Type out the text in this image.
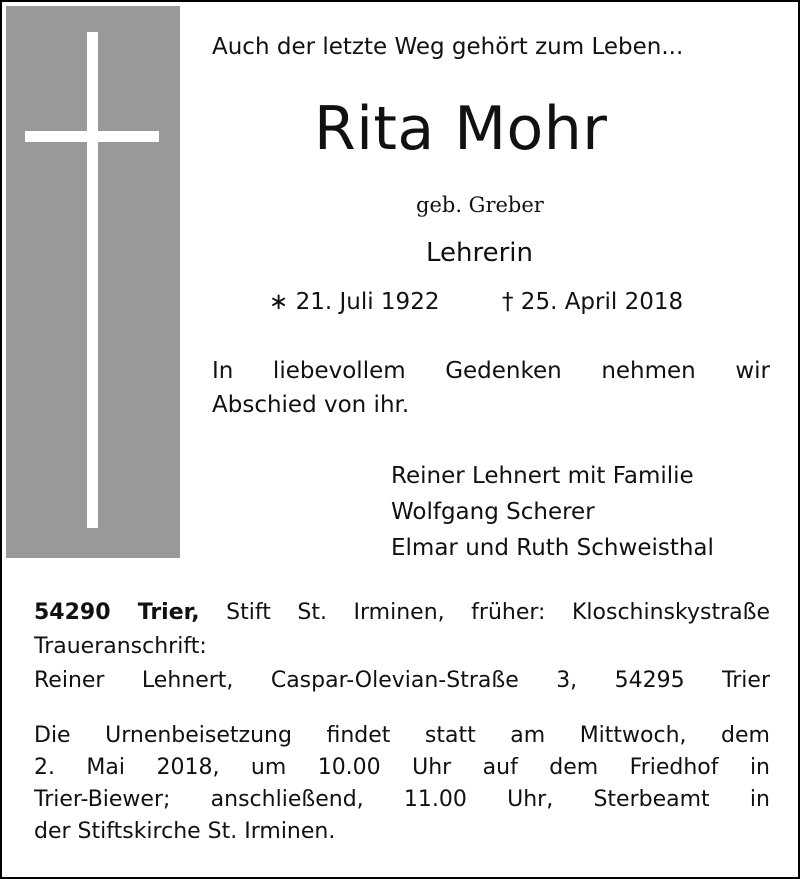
Auch der letzte Weg gehört zum Leben...
Rita Mohr
geb. Greber
Lehrerin
∗ 21. Juli 1922	† 25. April 2018
In liebevollem Gedenken nehmen wir
Abschied von ihr.
Reiner Lehnert mit Familie
Wolfgang Scherer
Elmar und Ruth Schweisthal
54290 Trier, Stift St. Irminen, früher: Kloschinskystraße
Traueranschrift:
Reiner Lehnert, Caspar-Olevian-Straße 3, 54295 Trier
Die Urnenbeisetzung findet statt am Mittwoch, dem
2. Mai 2018, um 10.00 Uhr auf dem Friedhof in
Trier-Biewer; anschließend, 11.00 Uhr, Sterbeamt in
der Stiftskirche St. Irminen.
